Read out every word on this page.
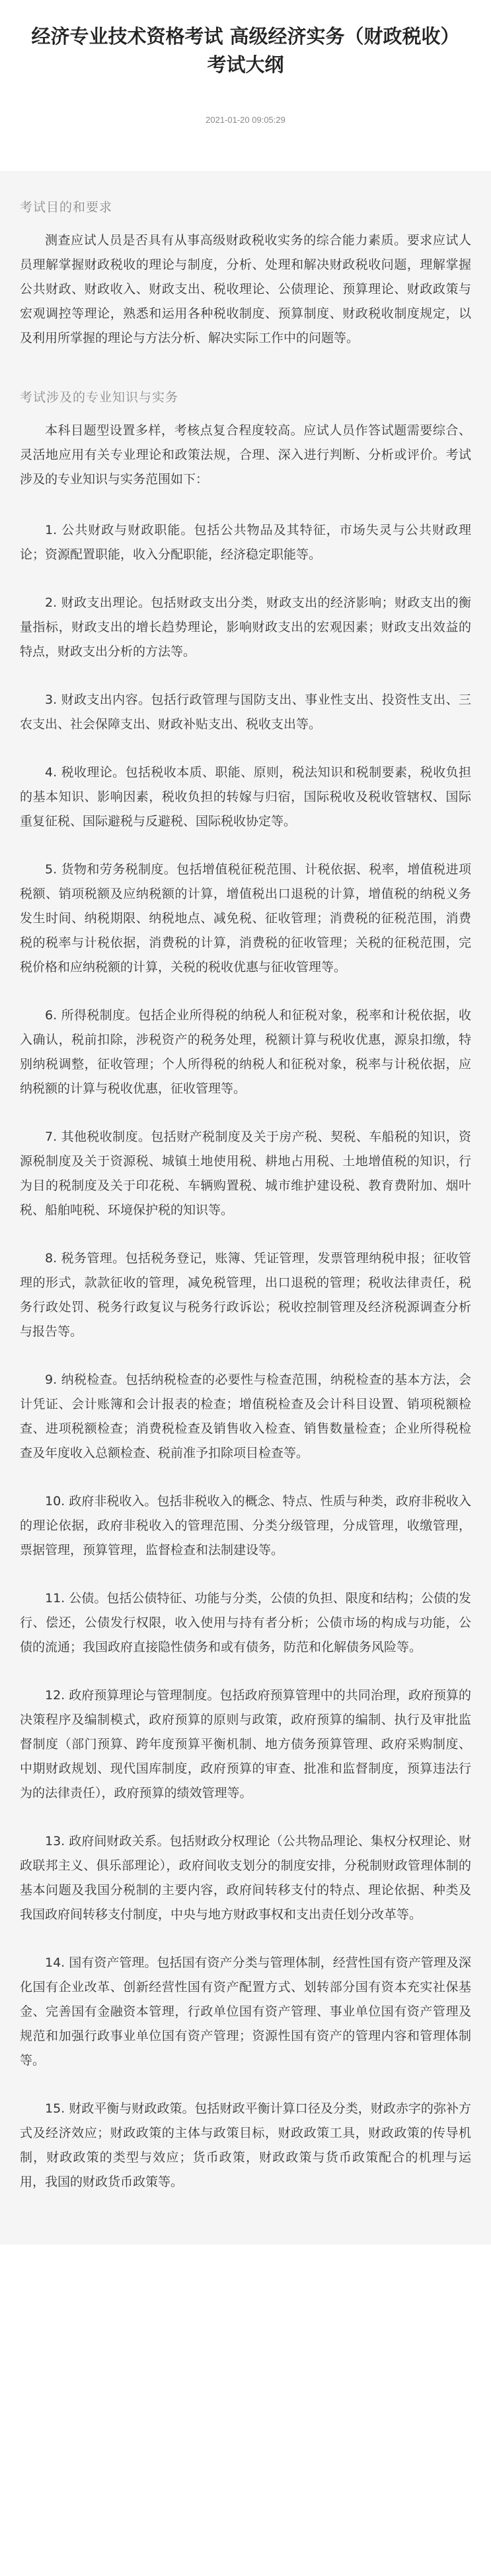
经济专业技术资格考试 高级经济实务（财政税收）考试大纲
2021-01-20 09:05:29
考试目的和要求

测查应试人员是否具有从事高级财政税收实务的综合能力素质。要求应试人员理解掌握财政税收的理论与制度，分析、处理和解决财政税收问题，理解掌握公共财政、财政收入、财政支出、税收理论、公债理论、预算理论、财政政策与宏观调控等理论，熟悉和运用各种税收制度、预算制度、财政税收制度规定，以及利用所掌握的理论与方法分析、解决实际工作中的问题等。

考试涉及的专业知识与实务

本科目题型设置多样，考核点复合程度较高。应试人员作答试题需要综合、灵活地应用有关专业理论和政策法规，合理、深入进行判断、分析或评价。考试涉及的专业知识与实务范围如下：

1. 公共财政与财政职能。包括公共物品及其特征，市场失灵与公共财政理论；资源配置职能，收入分配职能，经济稳定职能等。

2. 财政支出理论。包括财政支出分类，财政支出的经济影响；财政支出的衡量指标，财政支出的增长趋势理论，影响财政支出的宏观因素；财政支出效益的特点，财政支出分析的方法等。

3. 财政支出内容。包括行政管理与国防支出、事业性支出、投资性支出、三农支出、社会保障支出、财政补贴支出、税收支出等。

4. 税收理论。包括税收本质、职能、原则，税法知识和税制要素，税收负担的基本知识、影响因素，税收负担的转嫁与归宿，国际税收及税收管辖权、国际重复征税、国际避税与反避税、国际税收协定等。

5. 货物和劳务税制度。包括增值税征税范围、计税依据、税率，增值税进项税额、销项税额及应纳税额的计算，增值税出口退税的计算，增值税的纳税义务发生时间、纳税期限、纳税地点、减免税、征收管理；消费税的征税范围，消费税的税率与计税依据，消费税的计算，消费税的征收管理；关税的征税范围，完税价格和应纳税额的计算，关税的税收优惠与征收管理等。

6. 所得税制度。包括企业所得税的纳税人和征税对象，税率和计税依据，收入确认，税前扣除，涉税资产的税务处理，税额计算与税收优惠，源泉扣缴，特别纳税调整，征收管理；个人所得税的纳税人和征税对象，税率与计税依据，应纳税额的计算与税收优惠，征收管理等。

7. 其他税收制度。包括财产税制度及关于房产税、契税、车船税的知识，资源税制度及关于资源税、城镇土地使用税、耕地占用税、土地增值税的知识，行为目的税制度及关于印花税、车辆购置税、城市维护建设税、教育费附加、烟叶税、船舶吨税、环境保护税的知识等。

8. 税务管理。包括税务登记，账簿、凭证管理，发票管理纳税申报；征收管理的形式，款款征收的管理，减免税管理，出口退税的管理；税收法律责任，税务行政处罚、税务行政复议与税务行政诉讼；税收控制管理及经济税源调查分析与报告等。

9. 纳税检查。包括纳税检查的必要性与检查范围，纳税检查的基本方法，会计凭证、会计账簿和会计报表的检查；增值税检查及会计科目设置、销项税额检查、进项税额检查；消费税检查及销售收入检查、销售数量检查；企业所得税检查及年度收入总额检查、税前准予扣除项目检查等。

10. 政府非税收入。包括非税收入的概念、特点、性质与种类，政府非税收入的理论依据，政府非税收入的管理范围、分类分级管理，分成管理，收缴管理，票据管理，预算管理，监督检查和法制建设等。

11. 公债。包括公债特征、功能与分类，公债的负担、限度和结构；公债的发行、偿还，公债发行权限，收入使用与持有者分析；公债市场的构成与功能，公债的流通；我国政府直接隐性债务和或有债务，防范和化解债务风险等。

12. 政府预算理论与管理制度。包括政府预算管理中的共同治理，政府预算的决策程序及编制模式，政府预算的原则与政策，政府预算的编制、执行及审批监督制度（部门预算、跨年度预算平衡机制、地方债务预算管理、政府采购制度、中期财政规划、现代国库制度，政府预算的审查、批准和监督制度，预算违法行为的法律责任），政府预算的绩效管理等。

13. 政府间财政关系。包括财政分权理论（公共物品理论、集权分权理论、财政联邦主义、俱乐部理论），政府间收支划分的制度安排，分税制财政管理体制的基本问题及我国分税制的主要内容，政府间转移支付的特点、理论依据、种类及我国政府间转移支付制度，中央与地方财政事权和支出责任划分改革等。

14. 国有资产管理。包括国有资产分类与管理体制，经营性国有资产管理及深化国有企业改革、创新经营性国有资产配置方式、划转部分国有资本充实社保基金、完善国有金融资本管理，行政单位国有资产管理、事业单位国有资产管理及规范和加强行政事业单位国有资产管理；资源性国有资产的管理内容和管理体制等。

15. 财政平衡与财政政策。包括财政平衡计算口径及分类，财政赤字的弥补方式及经济效应；财政政策的主体与政策目标，财政政策工具，财政政策的传导机制，财政政策的类型与效应；货币政策，财政政策与货币政策配合的机理与运用，我国的财政货币政策等。
